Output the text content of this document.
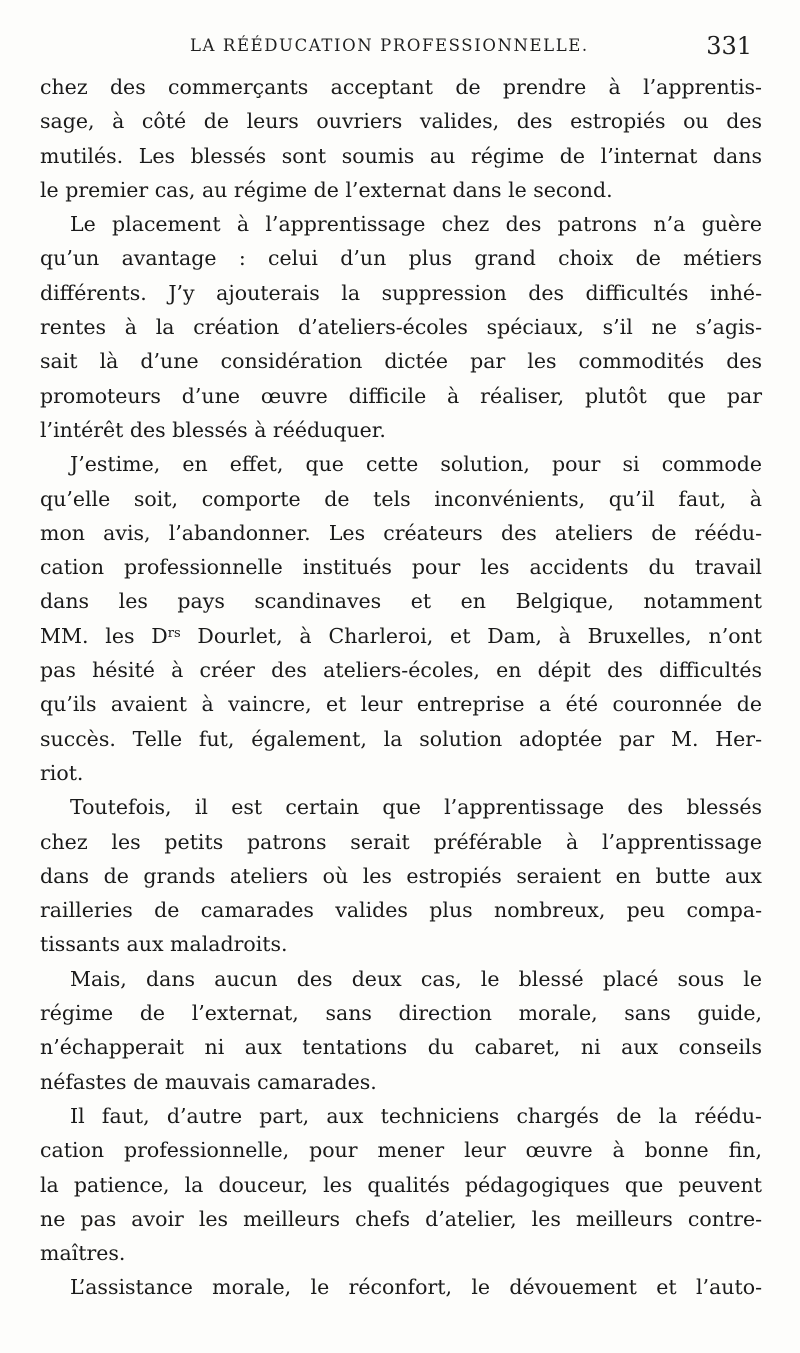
LA RÉÉDUCATION PROFESSIONNELLE.	331
chez des commerçants acceptant de prendre à l’apprentis-
sage, à côté de leurs ouvriers valides, des estropiés ou des
mutilés. Les blessés sont soumis au régime de l’internat dans
le premier cas, au régime de l’externat dans le second.
Le placement à l’apprentissage chez des patrons n’a guère
qu’un avantage : celui d’un plus grand choix de métiers
différents. J’y ajouterais la suppression des difficultés inhé-
rentes à la création d’ateliers-écoles spéciaux, s’il ne s’agis-
sait là d’une considération dictée par les commodités des
promoteurs d’une œuvre difficile à réaliser, plutôt que par
l’intérêt des blessés à rééduquer.
J’estime, en effet, que cette solution, pour si commode
qu’elle soit, comporte de tels inconvénients, qu’il faut, à
mon avis, l’abandonner. Les créateurs des ateliers de réédu-
cation professionnelle institués pour les accidents du travail
dans les pays scandinaves et en Belgique, notamment
MM. les $D^{rs}$ Dourlet, à Charleroi, et Dam, à Bruxelles, n’ont
pas hésité à créer des ateliers-écoles, en dépit des difficultés
qu’ils avaient à vaincre, et leur entreprise a été couronnée de
succès. Telle fut, également, la solution adoptée par M. Her-
riot.
Toutefois, il est certain que l’apprentissage des blessés
chez les petits patrons serait préférable à l’apprentissage
dans de grands ateliers où les estropiés seraient en butte aux
railleries de camarades valides plus nombreux, peu compa-
tissants aux maladroits.
Mais, dans aucun des deux cas, le blessé placé sous le
régime de l’externat, sans direction morale, sans guide,
n’échapperait ni aux tentations du cabaret, ni aux conseils
néfastes de mauvais camarades.
Il faut, d’autre part, aux techniciens chargés de la réédu-
cation professionnelle, pour mener leur œuvre à bonne fin,
la patience, la douceur, les qualités pédagogiques que peuvent
ne pas avoir les meilleurs chefs d’atelier, les meilleurs contre-
maîtres.
L’assistance morale, le réconfort, le dévouement et l’auto-
